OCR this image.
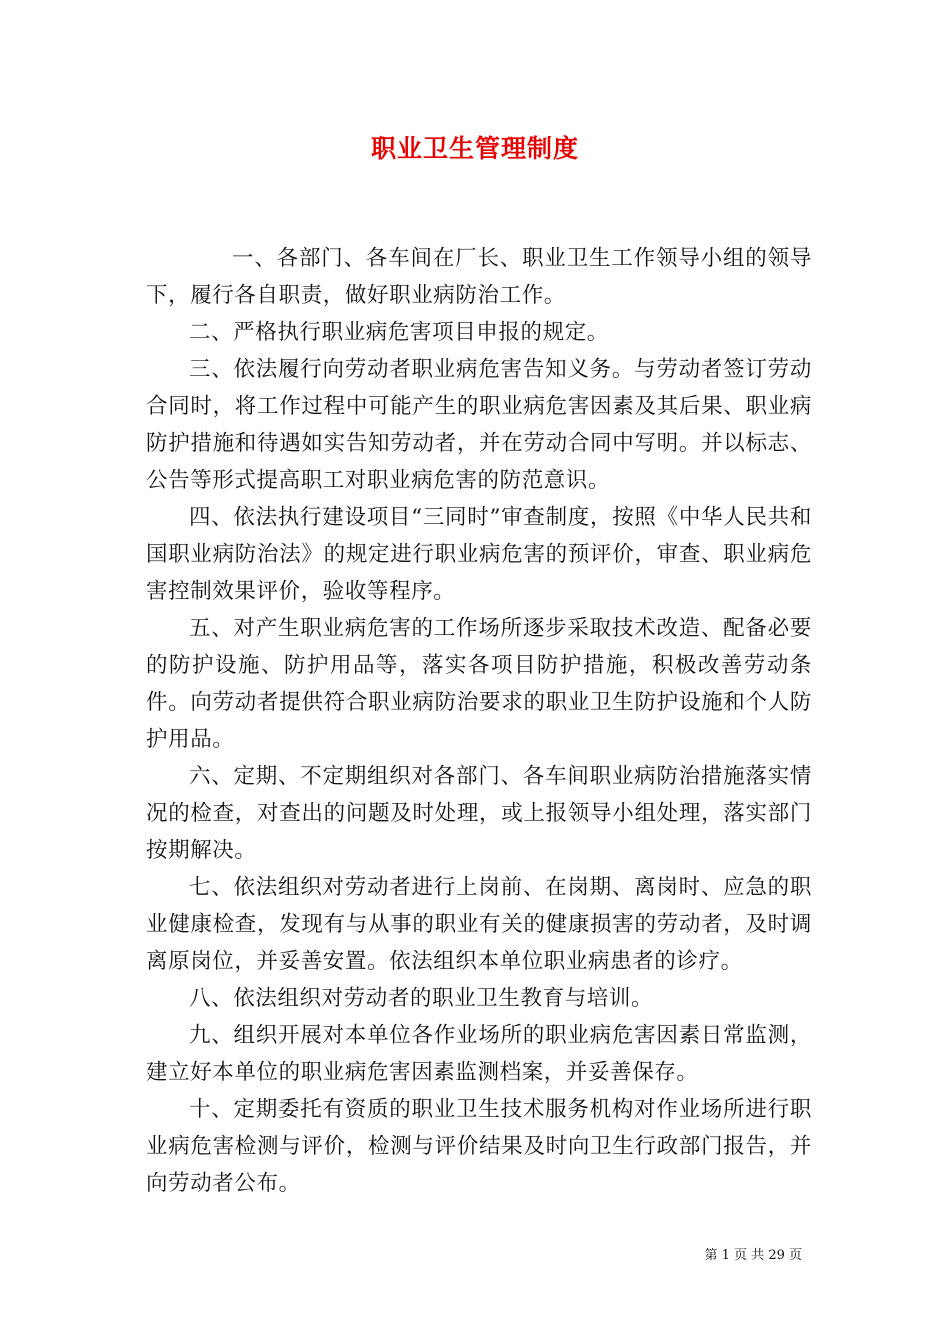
职业卫生管理制度

一、各部门、各车间在厂长、职业卫生工作领导小组的领导下，履行各自职责，做好职业病防治工作。

二、严格执行职业病危害项目申报的规定。

三、依法履行向劳动者职业病危害告知义务。与劳动者签订劳动合同时，将工作过程中可能产生的职业病危害因素及其后果、职业病防护措施和待遇如实告知劳动者，并在劳动合同中写明。并以标志、公告等形式提高职工对职业病危害的防范意识。

四、依法执行建设项目“三同时”审查制度，按照《中华人民共和国职业病防治法》的规定进行职业病危害的预评价，审查、职业病危害控制效果评价，验收等程序。

五、对产生职业病危害的工作场所逐步采取技术改造、配备必要的防护设施、防护用品等，落实各项目防护措施，积极改善劳动条件。向劳动者提供符合职业病防治要求的职业卫生防护设施和个人防护用品。

六、定期、不定期组织对各部门、各车间职业病防治措施落实情况的检查，对查出的问题及时处理，或上报领导小组处理，落实部门按期解决。

七、依法组织对劳动者进行上岗前、在岗期、离岗时、应急的职业健康检查，发现有与从事的职业有关的健康损害的劳动者，及时调离原岗位，并妥善安置。依法组织本单位职业病患者的诊疗。

八、依法组织对劳动者的职业卫生教育与培训。

九、组织开展对本单位各作业场所的职业病危害因素日常监测，建立好本单位的职业病危害因素监测档案，并妥善保存。

十、定期委托有资质的职业卫生技术服务机构对作业场所进行职业病危害检测与评价，检测与评价结果及时向卫生行政部门报告，并向劳动者公布。

第 1 页 共 29 页
